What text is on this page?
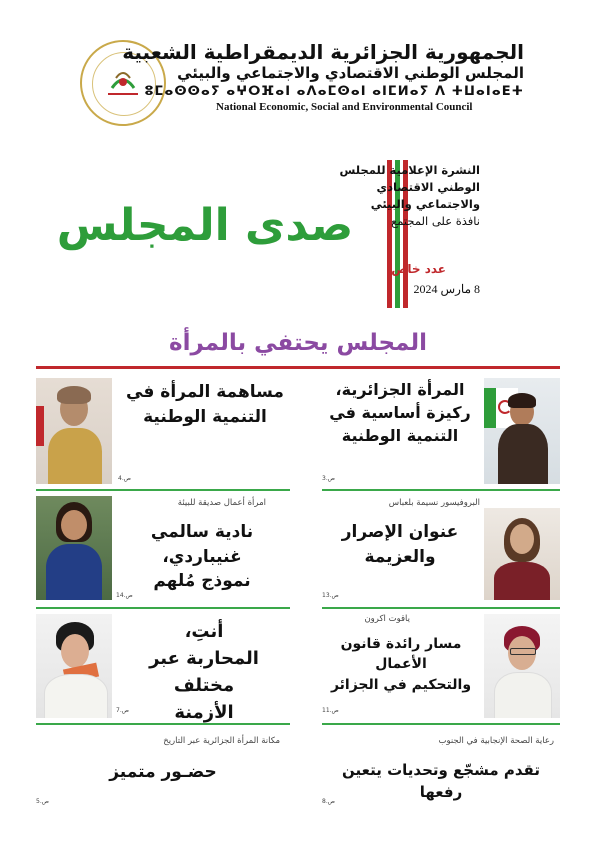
الجمهورية الجزائرية الديمقراطية الشعبية
المجلس الوطني الاقتصادي والاجتماعي والبيئي
ⵓⵎⴰⵙⵙⴰⵢ ⴰⵖⵔⴼⴰⵏ ⴰⴷⴰⵎⵙⴰⵏ ⴰⵏⵎⵍⴰⵢ ⴷ ⵜⵡⴰⵏⴰⴹⵜ
National Economic, Social and Environmental Council
صدى المجلس
النشرة الإعلامية للمجلس
الوطني الاقتصادي
والاجتماعي والبيئي
نافذة على المجتمع
عدد خاص
8 مارس 2024
المجلس يحتفي بالمرأة
المرأة الجزائرية،
ركيزة أساسية في
التنمية الوطنية
ص.3
مساهمة المرأة في
التنمية الوطنية
ص.4
البروفيسور نسيمة بلعباس
عنوان الإصرار
والعزيمة
ص.13
امرأة أعمال صديقة للبيئة
نادية سالمي غنيباردي،
نموذج مُلهم
ص.14
ياقوت اكرون
مسار رائدة قانون الأعمال
والتحكيم في الجزائر
ص.11
أنتِ،
المحاربة عبر مختلف
الأزمنة
ص.7
رعاية الصحة الإنجابية في الجنوب
تقدم مشجّع وتحديات يتعين رفعها
ص.8
مكانة المرأة الجزائرية عبر التاريخ
حضـور متميز
ص.5
